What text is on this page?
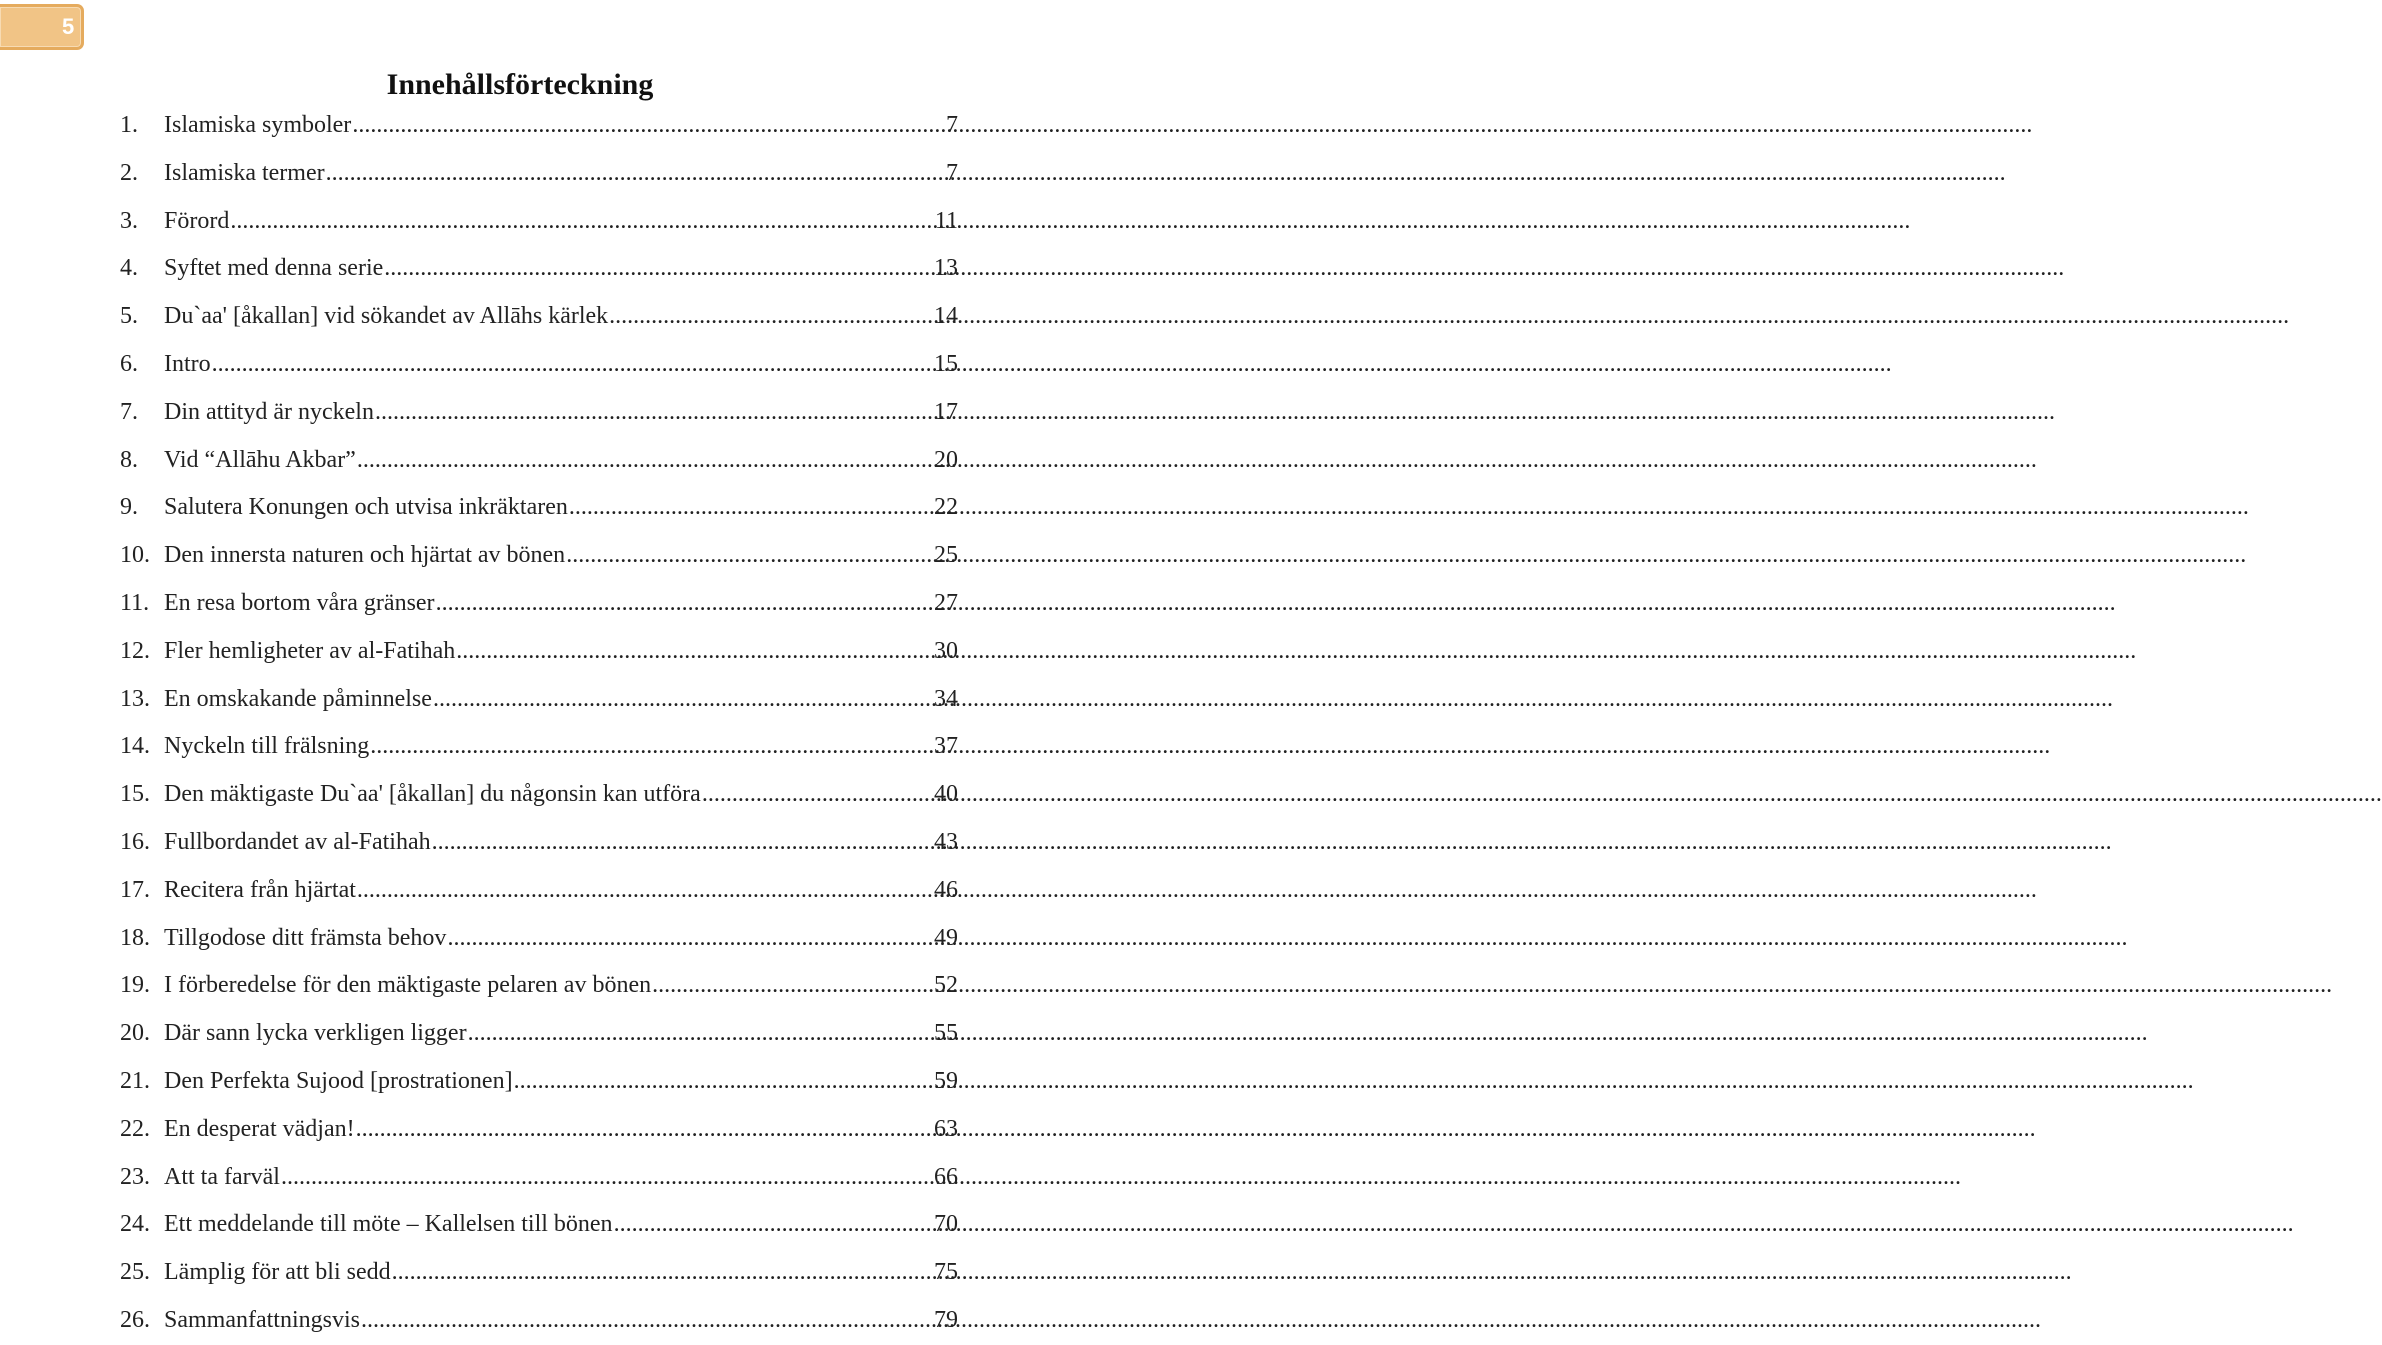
5
Innehållsförteckning
1.	Islamiska symboler .....	7
2.	Islamiska termer .....	7
3.	Förord .....	11
4.	Syftet med denna serie .....	13
5.	Du`aa' [åkallan] vid sökandet av Allāhs kärlek .....	14
6.	Intro .....	15
7.	Din attityd är nyckeln .....	17
8.	Vid “Allāhu Akbar” .....	20
9.	Salutera Konungen och utvisa inkräktaren .....	22
10. Den innersta naturen och hjärtat av bönen .....	25
11. En resa bortom våra gränser .....	27
12. Fler hemligheter av al-Fatihah .....	30
13. En omskakande påminnelse .....	34
14. Nyckeln till frälsning .....	37
15. Den mäktigaste Du`aa' [åkallan] du någonsin kan utföra .....	40
16. Fullbordandet av al-Fatihah .....	43
17. Recitera från hjärtat .....	46
18. Tillgodose ditt främsta behov .....	49
19. I förberedelse för den mäktigaste pelaren av bönen .....	52
20. Där sann lycka verkligen ligger .....	55
21. Den Perfekta Sujood [prostrationen] .....	59
22. En desperat vädjan! .....	63
23. Att ta farväl .....	66
24. Ett meddelande till möte – Kallelsen till bönen .....	70
25. Lämplig för att bli sedd .....	75
26. Sammanfattningsvis .....	79
